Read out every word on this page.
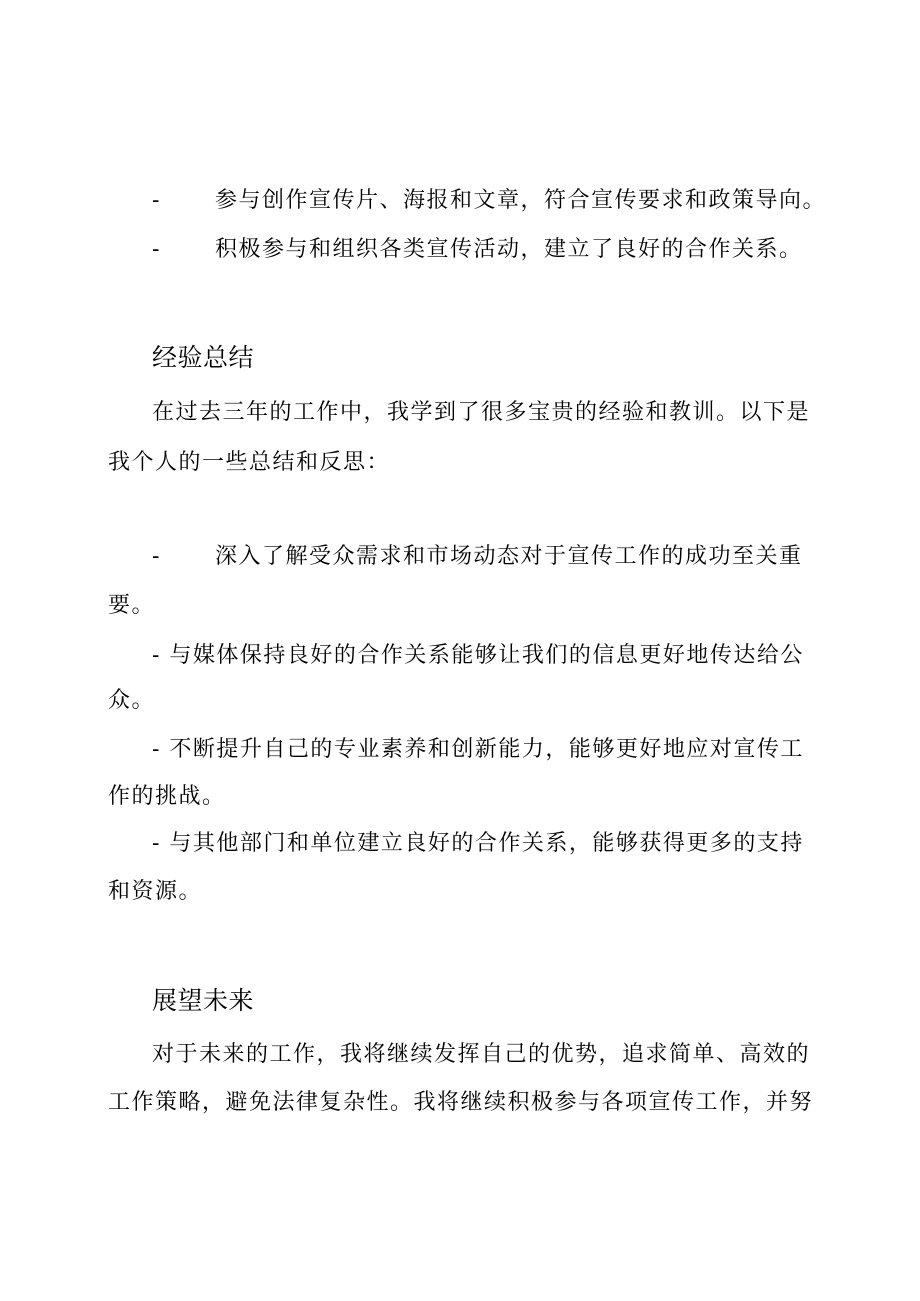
-	参与创作宣传片、海报和文章，符合宣传要求和政策导向。
-	积极参与和组织各类宣传活动，建立了良好的合作关系。
经验总结
在过去三年的工作中，我学到了很多宝贵的经验和教训。以下是
我个人的一些总结和反思：
-	深入了解受众需求和市场动态对于宣传工作的成功至关重
要。
- 与媒体保持良好的合作关系能够让我们的信息更好地传达给公
众。
- 不断提升自己的专业素养和创新能力，能够更好地应对宣传工
作的挑战。
- 与其他部门和单位建立良好的合作关系，能够获得更多的支持
和资源。
展望未来
对于未来的工作，我将继续发挥自己的优势，追求简单、高效的
工作策略，避免法律复杂性。我将继续积极参与各项宣传工作，并努
